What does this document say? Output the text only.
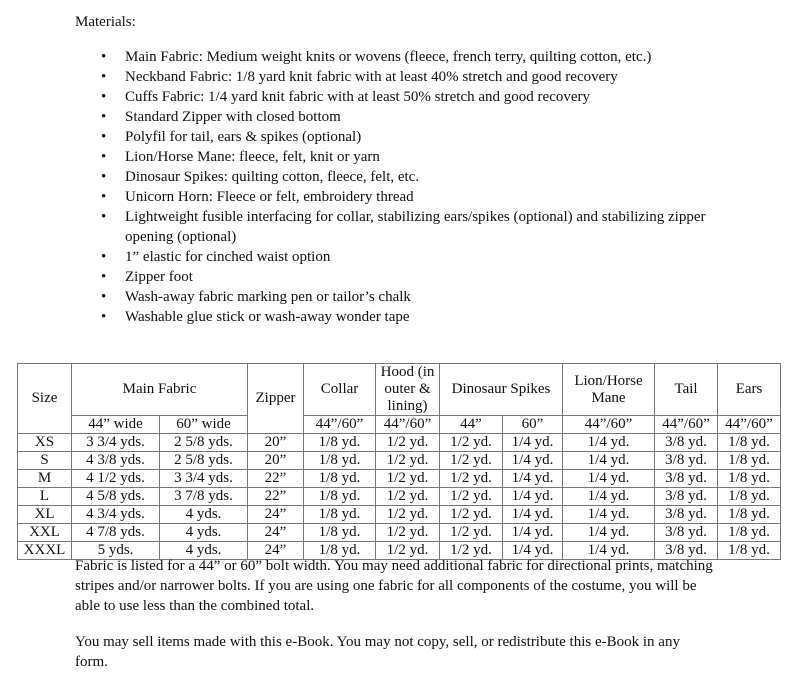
Materials:
• Main Fabric: Medium weight knits or wovens (fleece, french terry, quilting cotton, etc.)
• Neckband Fabric: 1/8 yard knit fabric with at least 40% stretch and good recovery
• Cuffs Fabric: 1/4 yard knit fabric with at least 50% stretch and good recovery
• Standard Zipper with closed bottom
• Polyfil for tail, ears & spikes (optional)
• Lion/Horse Mane: fleece, felt, knit or yarn
• Dinosaur Spikes: quilting cotton, fleece, felt, etc.
• Unicorn Horn: Fleece or felt, embroidery thread
• Lightweight fusible interfacing for collar, stabilizing ears/spikes (optional) and stabilizing zipper opening (optional)
• 1” elastic for cinched waist option
• Zipper foot
• Wash-away fabric marking pen or tailor’s chalk
• Washable glue stick or wash-away wonder tape
Size	Main Fabric		Zipper	Collar	Hood (in outer & lining)	Dinosaur Spikes		Lion/Horse Mane	Tail	Ears
	44” wide	60” wide		44”/60”	44”/60”	44”	60”	44”/60”	44”/60”	44”/60”
XS	3 3/4 yds.	2 5/8 yds.	20”	1/8 yd.	1/2 yd.	1/2 yd.	1/4 yd.	1/4 yd.	3/8 yd.	1/8 yd.
S	4 3/8 yds.	2 5/8 yds.	20”	1/8 yd.	1/2 yd.	1/2 yd.	1/4 yd.	1/4 yd.	3/8 yd.	1/8 yd.
M	4 1/2 yds.	3 3/4 yds.	22”	1/8 yd.	1/2 yd.	1/2 yd.	1/4 yd.	1/4 yd.	3/8 yd.	1/8 yd.
L	4 5/8 yds.	3 7/8 yds.	22”	1/8 yd.	1/2 yd.	1/2 yd.	1/4 yd.	1/4 yd.	3/8 yd.	1/8 yd.
XL	4 3/4 yds.	4 yds.	24”	1/8 yd.	1/2 yd.	1/2 yd.	1/4 yd.	1/4 yd.	3/8 yd.	1/8 yd.
XXL	4 7/8 yds.	4 yds.	24”	1/8 yd.	1/2 yd.	1/2 yd.	1/4 yd.	1/4 yd.	3/8 yd.	1/8 yd.
XXXL	5 yds.	4 yds.	24”	1/8 yd.	1/2 yd.	1/2 yd.	1/4 yd.	1/4 yd.	3/8 yd.	1/8 yd.

Fabric is listed for a 44” or 60” bolt width. You may need additional fabric for directional prints, matching stripes and/or narrower bolts. If you are using one fabric for all components of the costume, you will be able to use less than the combined total.

You may sell items made with this e-Book. You may not copy, sell, or redistribute this e-Book in any form.
